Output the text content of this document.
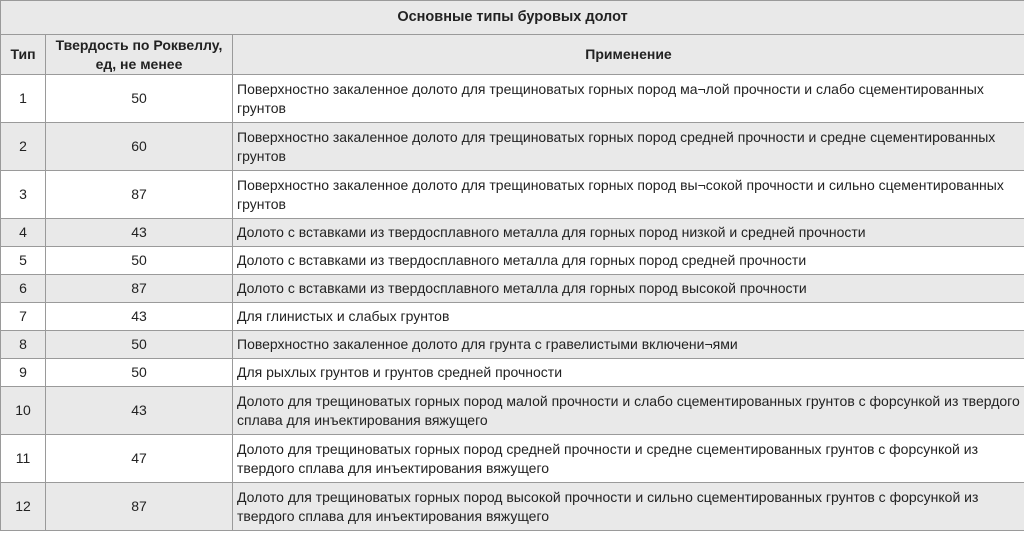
Основные типы буровых долот		
Тип	Твердость по Роквеллу, ед, не менее	Применение
1	50	Поверхностно закаленное долото для трещиноватых горных пород ма¬лой прочности и слабо сцементированных грунтов
2	60	Поверхностно закаленное долото для трещиноватых горных пород средней прочности и средне сцементированных грунтов
3	87	Поверхностно закаленное долото для трещиноватых горных пород вы¬сокой прочности и сильно сцементированных грунтов
4	43	Долото с вставками из твердосплавного металла для горных пород низкой и средней прочности
5	50	Долото с вставками из твердосплавного металла для горных пород средней прочности
6	87	Долото с вставками из твердосплавного металла для горных пород высокой прочности
7	43	Для глинистых и слабых грунтов
8	50	Поверхностно закаленное долото для грунта с гравелистыми включени¬ями
9	50	Для рыхлых грунтов и грунтов средней прочности
10	43	Долото для трещиноватых горных пород малой прочности и слабо сцементированных грунтов с форсункой из твердого сплава для инъектирования вяжущего
11	47	Долото для трещиноватых горных пород средней прочности и средне сцементированных грунтов с форсункой из твердого сплава для инъектирования вяжущего
12	87	Долото для трещиноватых горных пород высокой прочности и сильно сцементированных грунтов с форсункой из твердого сплава для инъектирования вяжущего
